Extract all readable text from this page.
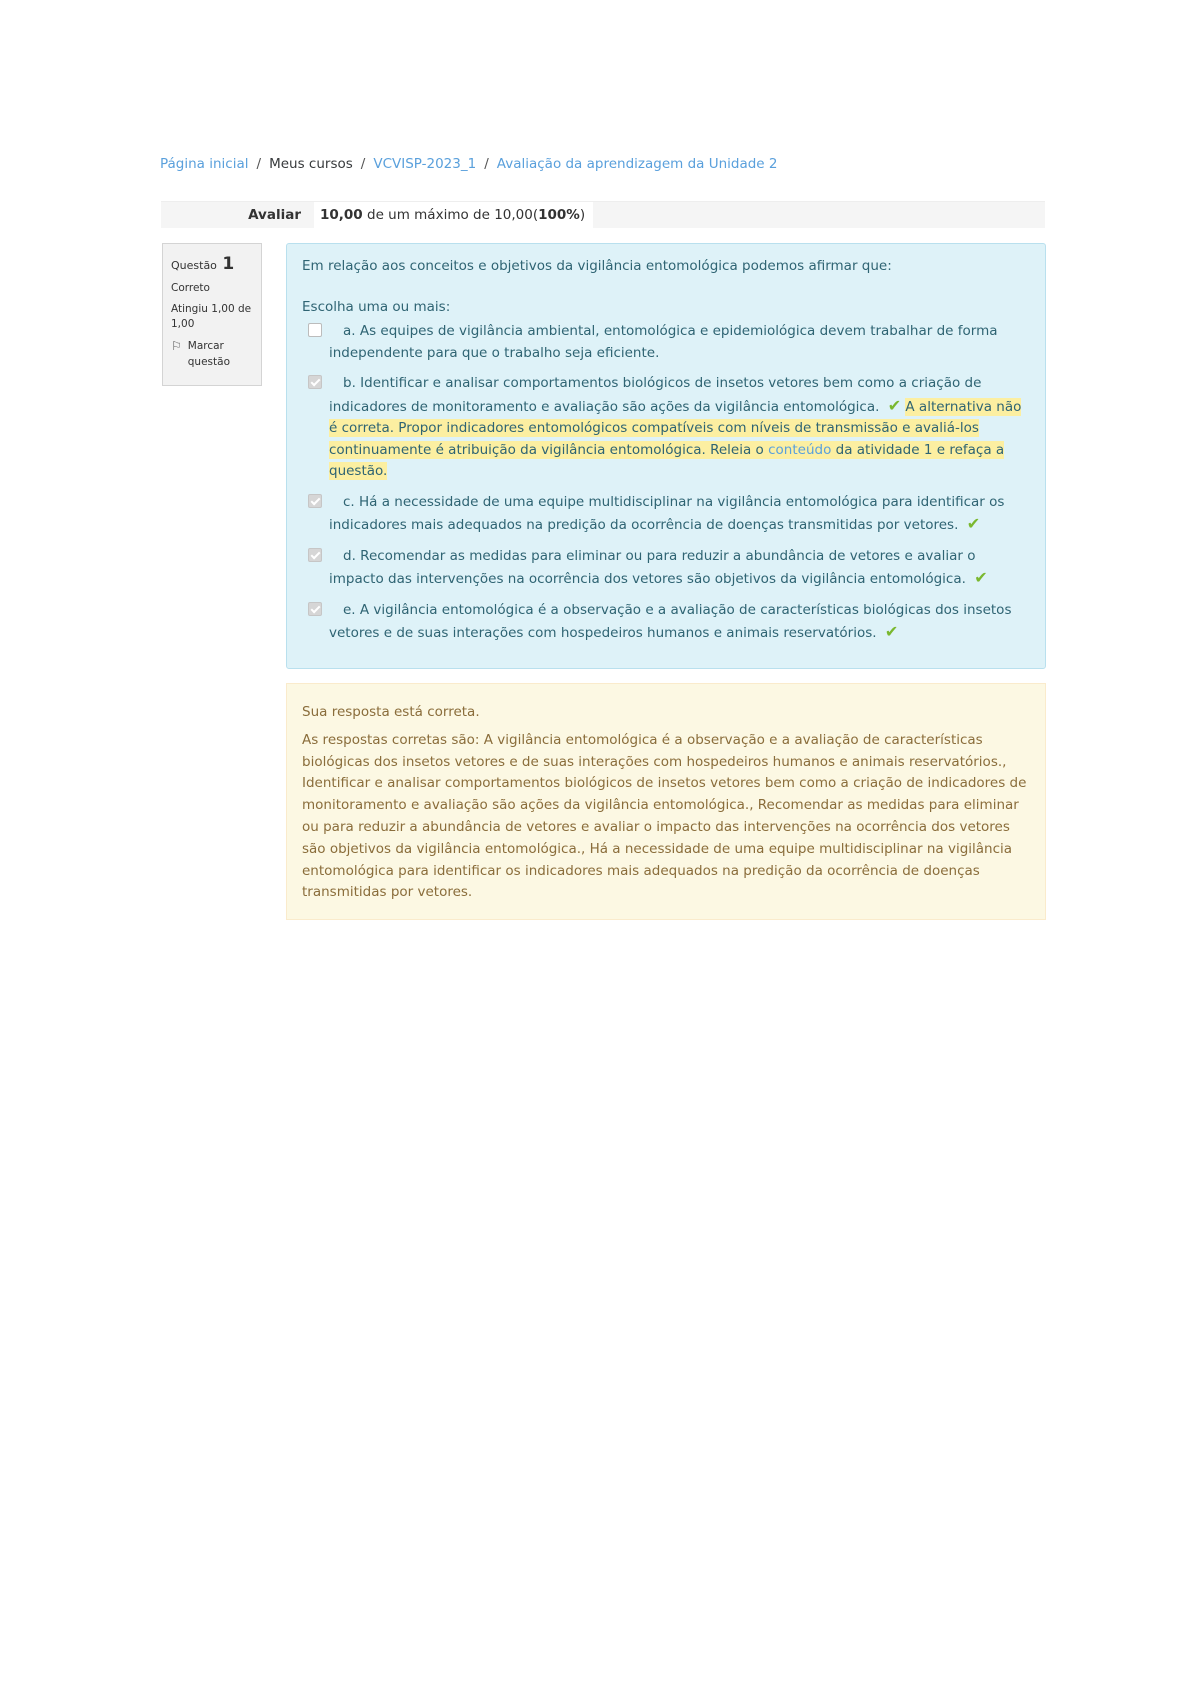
Página inicial / Meus cursos / VCVISP-2023_1 / Avaliação da aprendizagem da Unidade 2
Avaliar	10,00 de um máximo de 10,00(100%)
Questão 1
Correto
Atingiu 1,00 de 1,00
⚐ Marcar questão
Em relação aos conceitos e objetivos da vigilância entomológica podemos afirmar que:
Escolha uma ou mais:
a. As equipes de vigilância ambiental, entomológica e epidemiológica devem trabalhar de forma independente para que o trabalho seja eficiente.
b. Identificar e analisar comportamentos biológicos de insetos vetores bem como a criação de indicadores de monitoramento e avaliação são ações da vigilância entomológica. ✔ A alternativa não é correta. Propor indicadores entomológicos compatíveis com níveis de transmissão e avaliá-los continuamente é atribuição da vigilância entomológica. Releia o conteúdo da atividade 1 e refaça a questão.
c. Há a necessidade de uma equipe multidisciplinar na vigilância entomológica para identificar os indicadores mais adequados na predição da ocorrência de doenças transmitidas por vetores. ✔
d. Recomendar as medidas para eliminar ou para reduzir a abundância de vetores e avaliar o impacto das intervenções na ocorrência dos vetores são objetivos da vigilância entomológica. ✔
e. A vigilância entomológica é a observação e a avaliação de características biológicas dos insetos vetores e de suas interações com hospedeiros humanos e animais reservatórios. ✔

Sua resposta está correta.

As respostas corretas são: A vigilância entomológica é a observação e a avaliação de características biológicas dos insetos vetores e de suas interações com hospedeiros humanos e animais reservatórios., Identificar e analisar comportamentos biológicos de insetos vetores bem como a criação de indicadores de monitoramento e avaliação são ações da vigilância entomológica., Recomendar as medidas para eliminar ou para reduzir a abundância de vetores e avaliar o impacto das intervenções na ocorrência dos vetores são objetivos da vigilância entomológica., Há a necessidade de uma equipe multidisciplinar na vigilância entomológica para identificar os indicadores mais adequados na predição da ocorrência de doenças transmitidas por vetores.
